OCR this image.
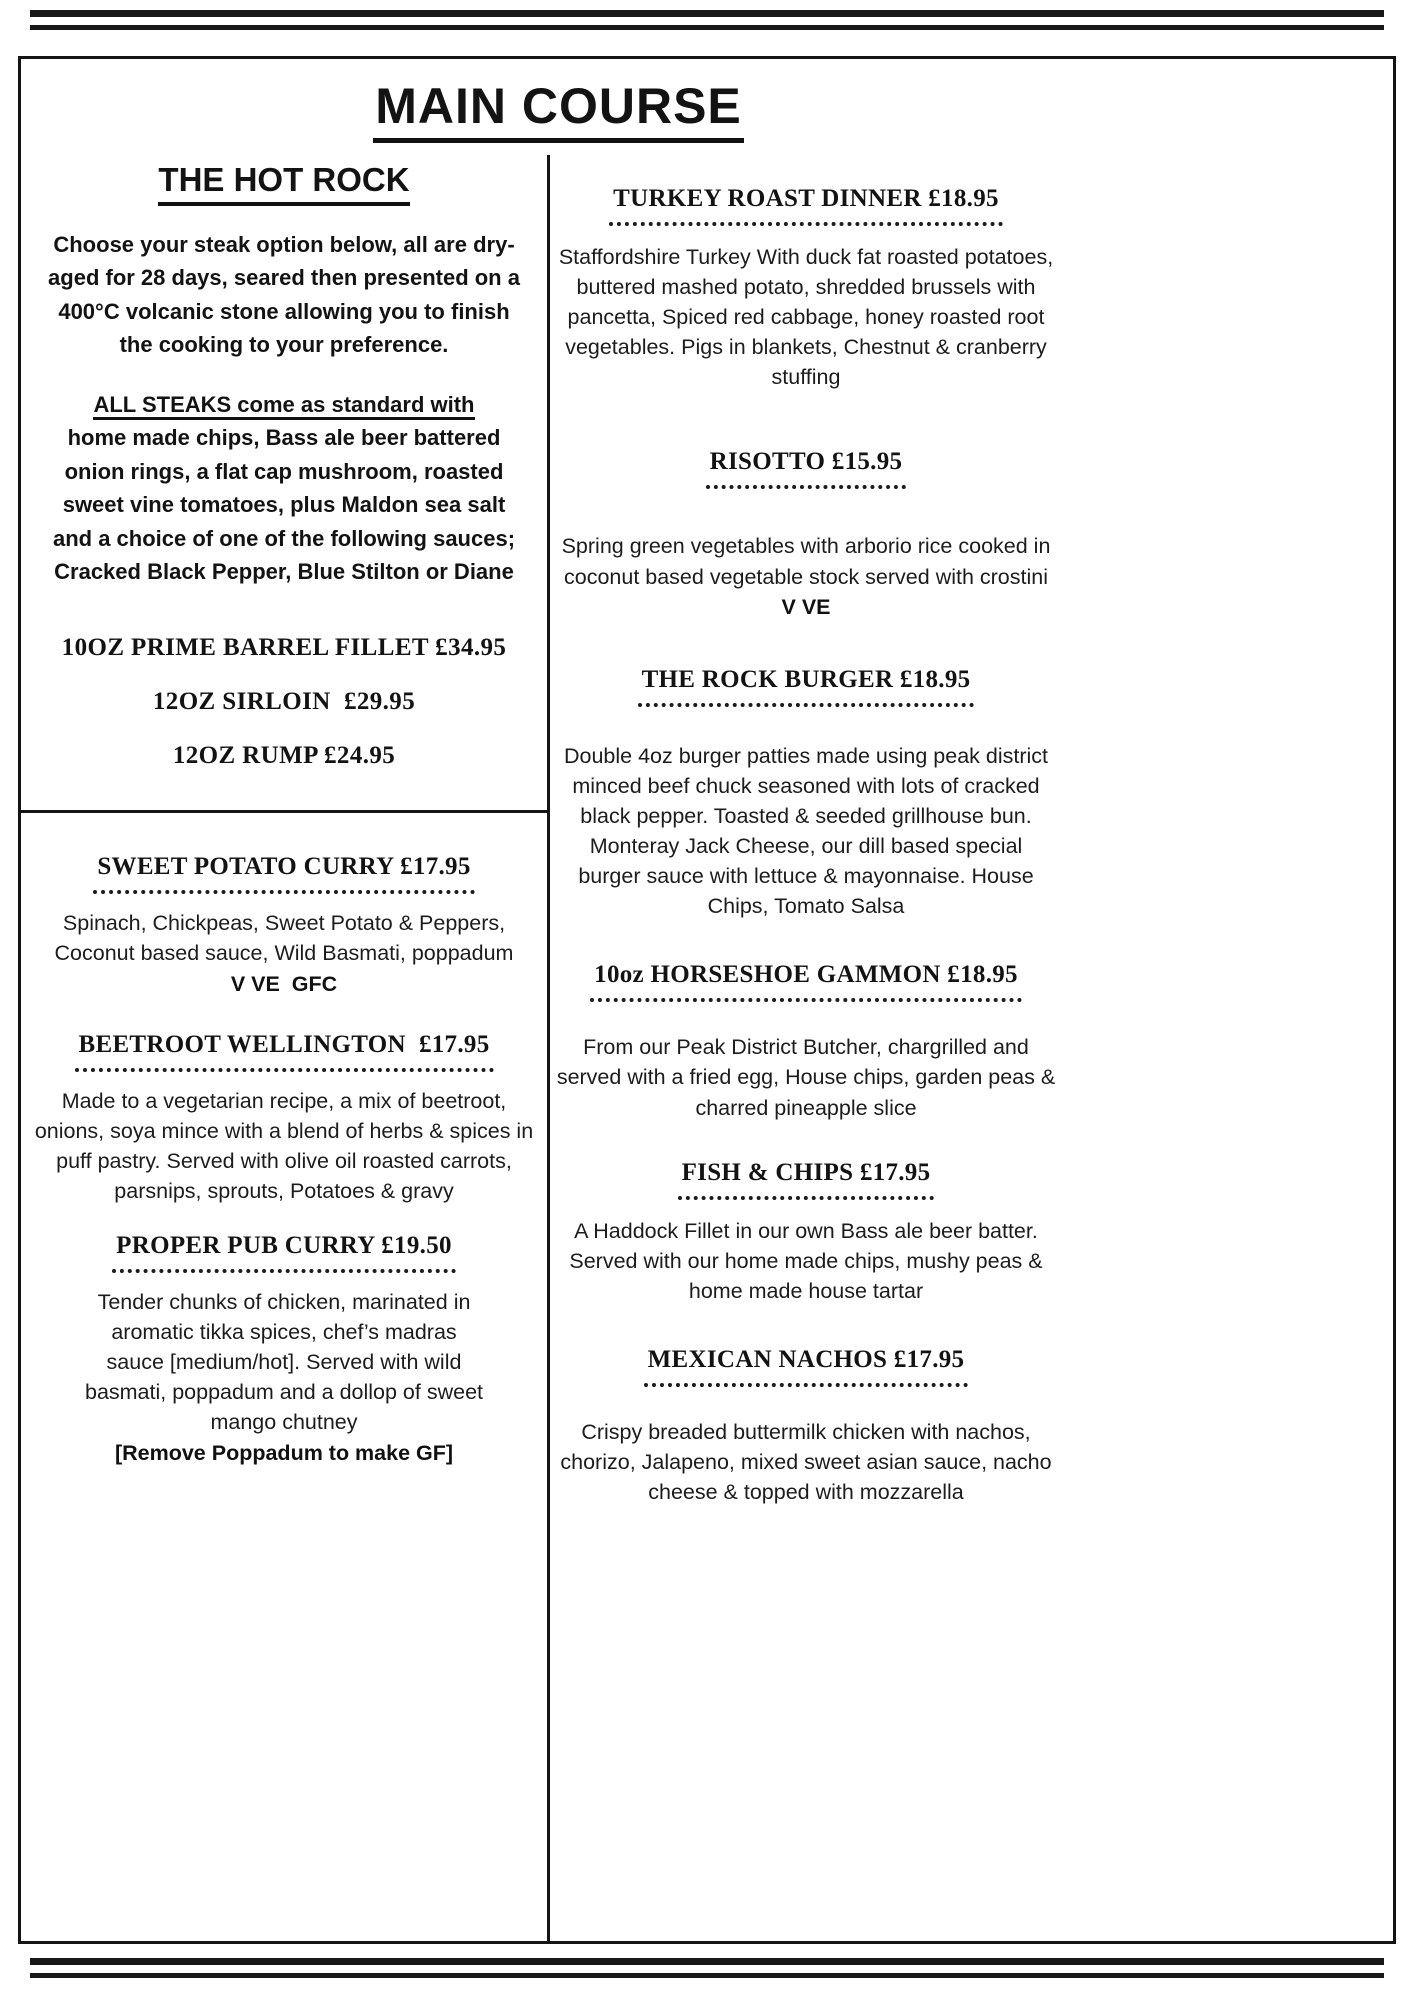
MAIN COURSE
THE HOT ROCK

Choose your steak option below, all are dry-aged for 28 days, seared then presented on a 400°C volcanic stone allowing you to finish the cooking to your preference.

ALL STEAKS come as standard with
home made chips, Bass ale beer battered onion rings, a flat cap mushroom, roasted sweet vine tomatoes, plus Maldon sea salt and a choice of one of the following sauces; Cracked Black Pepper, Blue Stilton or Diane

10OZ PRIME BARREL FILLET £34.95
12OZ SIRLOIN  £29.95
12OZ RUMP £24.95
SWEET POTATO CURRY £17.95

Spinach, Chickpeas, Sweet Potato & Peppers, Coconut based sauce, Wild Basmati, poppadum V VE  GFC

BEETROOT WELLINGTON  £17.95

Made to a vegetarian recipe, a mix of beetroot, onions, soya mince with a blend of herbs & spices in puff pastry. Served with olive oil roasted carrots, parsnips, sprouts, Potatoes & gravy

PROPER PUB CURRY £19.50

Tender chunks of chicken, marinated in aromatic tikka spices, chef’s madras sauce [medium/hot]. Served with wild basmati, poppadum and a dollop of sweet mango chutney

[Remove Poppadum to make GF]
TURKEY ROAST DINNER £18.95

Staffordshire Turkey With duck fat roasted potatoes, buttered mashed potato, shredded brussels with pancetta, Spiced red cabbage, honey roasted root vegetables. Pigs in blankets, Chestnut & cranberry stuffing

RISOTTO £15.95

Spring green vegetables with arborio rice cooked in coconut based vegetable stock served with crostini V VE

THE ROCK BURGER £18.95

Double 4oz burger patties made using peak district minced beef chuck seasoned with lots of cracked black pepper. Toasted & seeded grillhouse bun. Monteray Jack Cheese, our dill based special burger sauce with lettuce & mayonnaise. House Chips, Tomato Salsa

10oz HORSESHOE GAMMON £18.95

From our Peak District Butcher, chargrilled and served with a fried egg, House chips, garden peas & charred pineapple slice

FISH & CHIPS £17.95

A Haddock Fillet in our own Bass ale beer batter. Served with our home made chips, mushy peas & home made house tartar

MEXICAN NACHOS £17.95

Crispy breaded buttermilk chicken with nachos, chorizo, Jalapeno, mixed sweet asian sauce, nacho cheese & topped with mozzarella
